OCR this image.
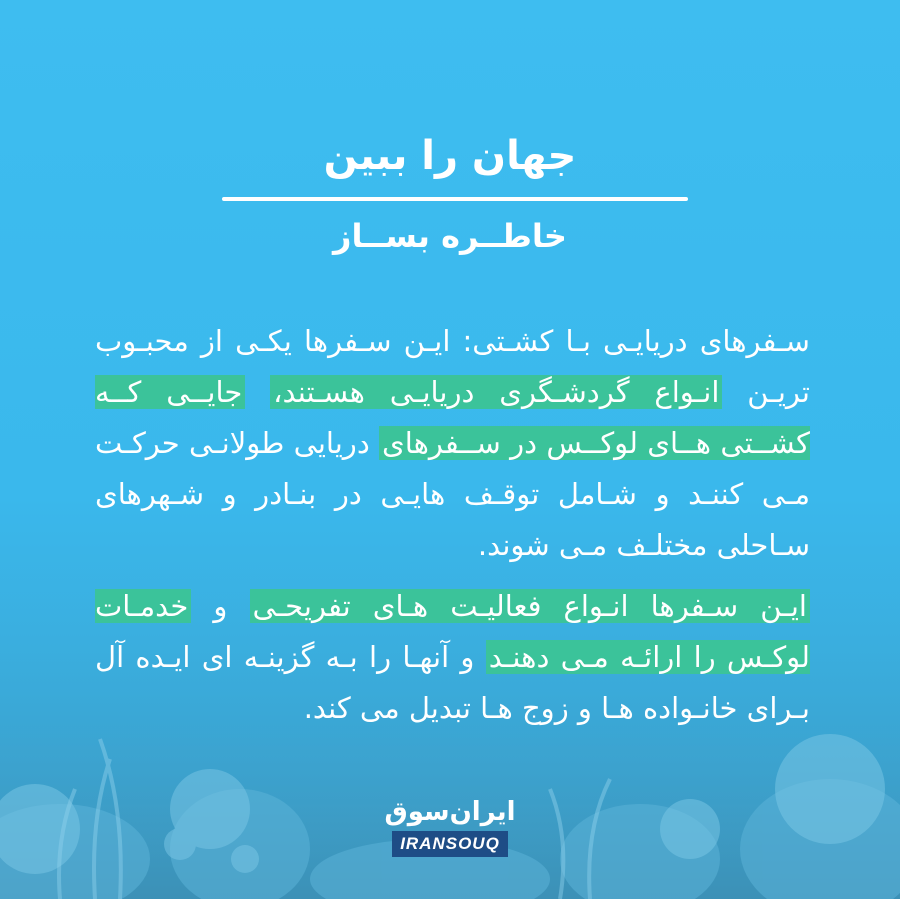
جهان را ببین
خاطــره بســاز

سـفرهای دریایـی بـا کشـتی: ایـن سـفرها یکـی از محبـوب تریـن انـواع گردشـگری دریایـی هسـتند، جایــی کــه کشــتی هــای لوکــس در ســفرهای دریایی طولانـی حرکـت مـی کننـد و شـامل توقـف هایـی در بنـادر و شـهرهای سـاحلی مختلـف مـی شوند.

ایـن سـفرها انـواع فعالیـت هـای تفریحـی و خدمـات لوکـس را ارائـه مـی دهنـد و آنهـا را بـه گزینـه ای ایـده آل بـرای خانـواده هـا و زوج هـا تبدیل می کند.

ایران‌سوق
IRANSOUQ
